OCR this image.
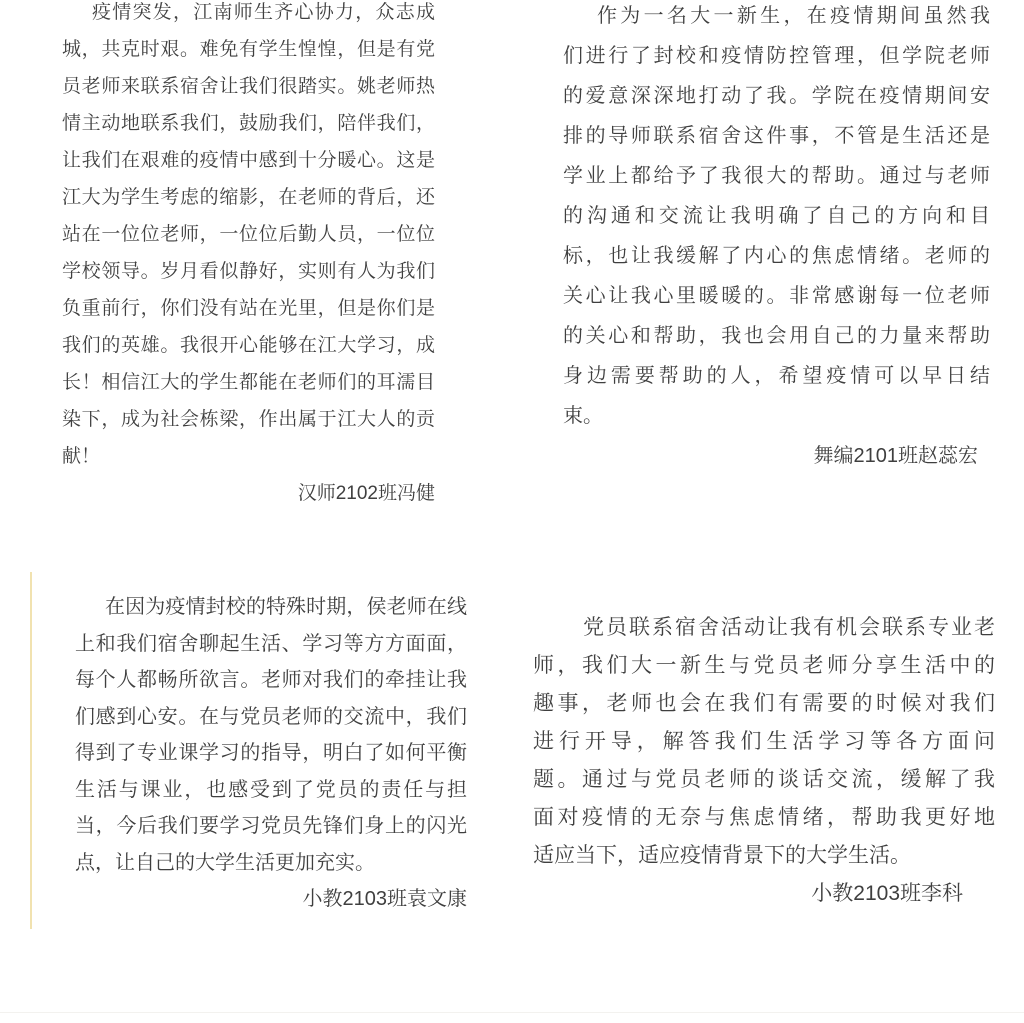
疫情突发，江南师生齐心协力，众志成
城，共克时艰。难免有学生惶惶，但是有党
员老师来联系宿舍让我们很踏实。姚老师热
情主动地联系我们，鼓励我们，陪伴我们，
让我们在艰难的疫情中感到十分暖心。这是
江大为学生考虑的缩影，在老师的背后，还
站在一位位老师，一位位后勤人员，一位位
学校领导。岁月看似静好，实则有人为我们
负重前行，你们没有站在光里，但是你们是
我们的英雄。我很开心能够在江大学习，成
长！相信江大的学生都能在老师们的耳濡目
染下，成为社会栋梁，作出属于江大人的贡
献！
汉师2102班冯健
作为一名大一新生，在疫情期间虽然我
们进行了封校和疫情防控管理，但学院老师
的爱意深深地打动了我。学院在疫情期间安
排的导师联系宿舍这件事，不管是生活还是
学业上都给予了我很大的帮助。通过与老师
的沟通和交流让我明确了自己的方向和目
标，也让我缓解了内心的焦虑情绪。老师的
关心让我心里暖暖的。非常感谢每一位老师
的关心和帮助，我也会用自己的力量来帮助
身边需要帮助的人，希望疫情可以早日结
束。
舞编2101班赵蕊宏
在因为疫情封校的特殊时期，侯老师在线
上和我们宿舍聊起生活、学习等方方面面，
每个人都畅所欲言。老师对我们的牵挂让我
们感到心安。在与党员老师的交流中，我们
得到了专业课学习的指导，明白了如何平衡
生活与课业，也感受到了党员的责任与担
当，今后我们要学习党员先锋们身上的闪光
点，让自己的大学生活更加充实。
小教2103班袁文康
党员联系宿舍活动让我有机会联系专业老
师，我们大一新生与党员老师分享生活中的
趣事，老师也会在我们有需要的时候对我们
进行开导，解答我们生活学习等各方面问
题。通过与党员老师的谈话交流，缓解了我
面对疫情的无奈与焦虑情绪，帮助我更好地
适应当下，适应疫情背景下的大学生活。
小教2103班李科
